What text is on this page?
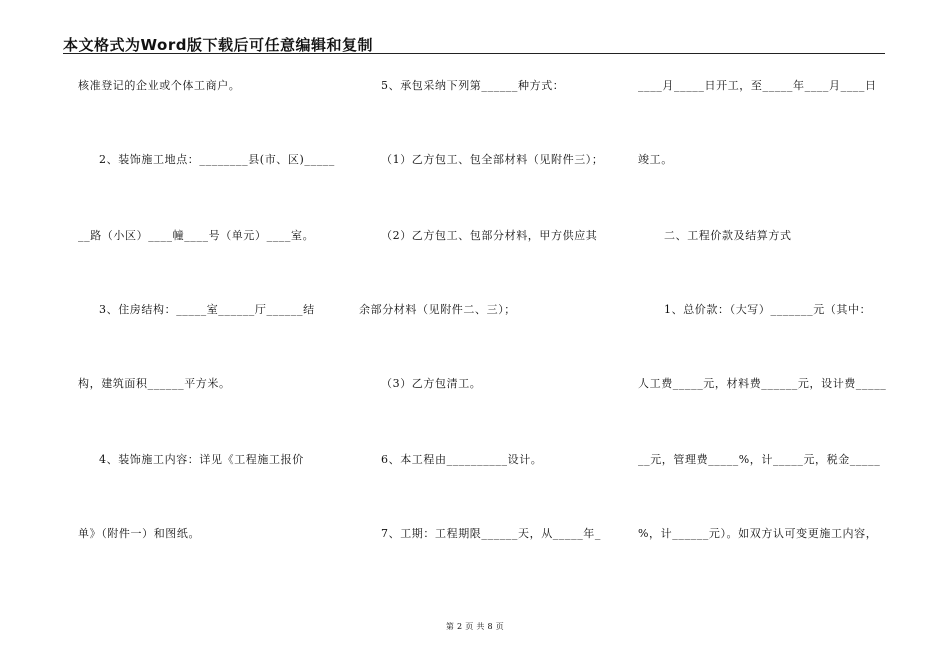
本文格式为Word版下载后可任意编辑和复制
核准登记的企业或个体工商户。
2、装饰施工地点：________县(市、区)_____
__路（小区）____幢____号（单元）____室。
3、住房结构：_____室______厅______结
构，建筑面积______平方米。
4、装饰施工内容：详见《工程施工报价
单》（附件一）和图纸。
5、承包采纳下列第______种方式：
（1）乙方包工、包全部材料（见附件三）；
（2）乙方包工、包部分材料，甲方供应其
余部分材料（见附件二、三）；
（3）乙方包清工。
6、本工程由__________设计。
7、工期：工程期限______天，从_____年_
____月_____日开工，至_____年____月____日
竣工。
二、工程价款及结算方式
1、总价款：（大写）_______元（其中：
人工费_____元，材料费______元，设计费_____
__元，管理费_____%，计_____元，税金_____
%，计______元）。如双方认可变更施工内容，
第 2 页 共 8 页
